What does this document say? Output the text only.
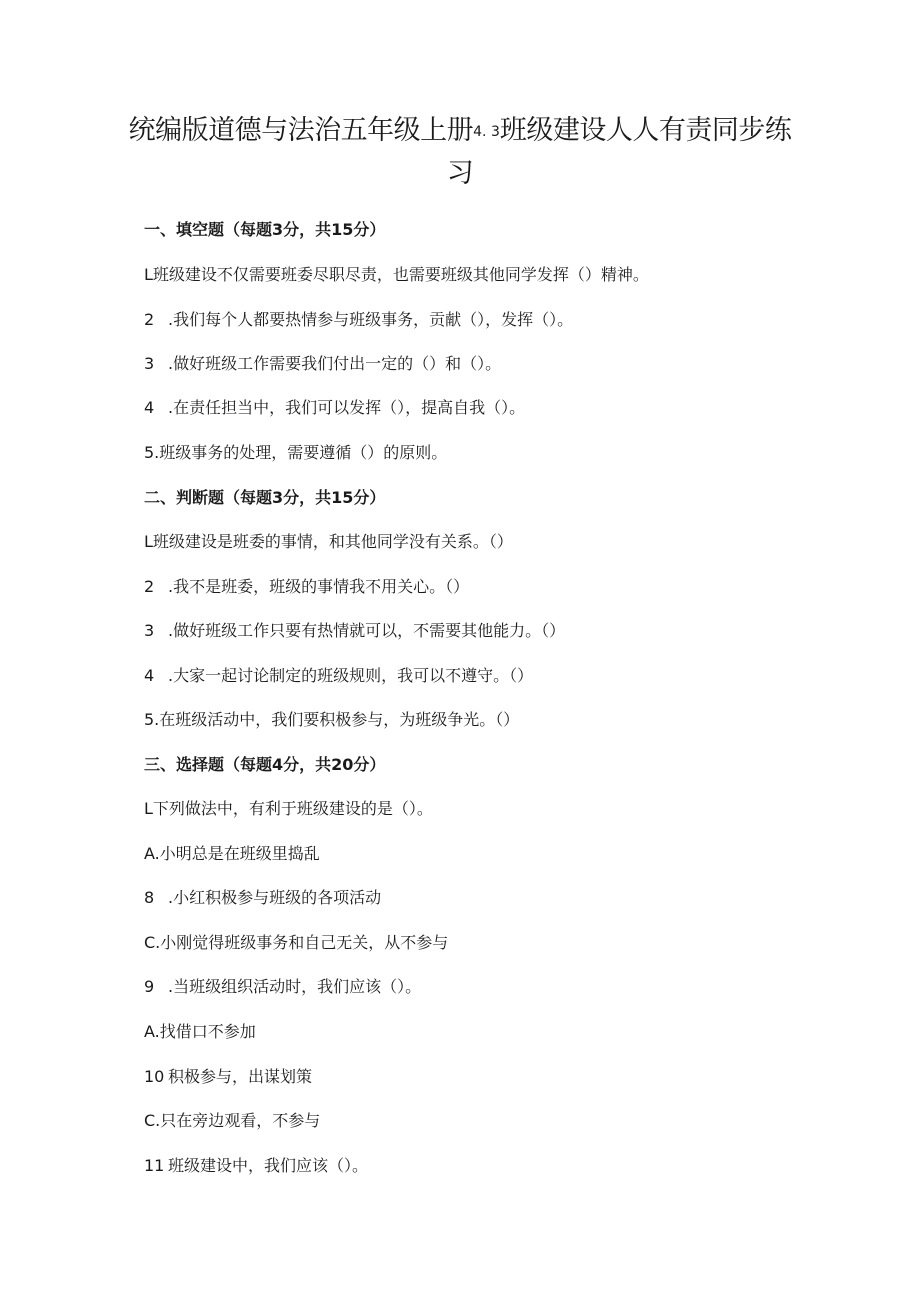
统编版道德与法治五年级上册4. 3班级建设人人有责同步练习

一、填空题（每题3分，共15分）

L班级建设不仅需要班委尽职尽责，也需要班级其他同学发挥（）精神。

2 .我们每个人都要热情参与班级事务，贡献（），发挥（）。

3 .做好班级工作需要我们付出一定的（）和（）。

4 .在责任担当中，我们可以发挥（），提高自我（）。

5.班级事务的处理，需要遵循（）的原则。

二、判断题（每题3分，共15分）

L班级建设是班委的事情，和其他同学没有关系。（）

2 .我不是班委，班级的事情我不用关心。（）

3 .做好班级工作只要有热情就可以，不需要其他能力。（）

4 .大家一起讨论制定的班级规则，我可以不遵守。（）

5.在班级活动中，我们要积极参与，为班级争光。（）

三、选择题（每题4分，共20分）

L下列做法中，有利于班级建设的是（）。

A.小明总是在班级里捣乱

8 .小红积极参与班级的各项活动

C.小刚觉得班级事务和自己无关，从不参与

9 .当班级组织活动时，我们应该（）。

A.找借口不参加

10 积极参与，出谋划策

C.只在旁边观看，不参与

11 班级建设中，我们应该（）。
